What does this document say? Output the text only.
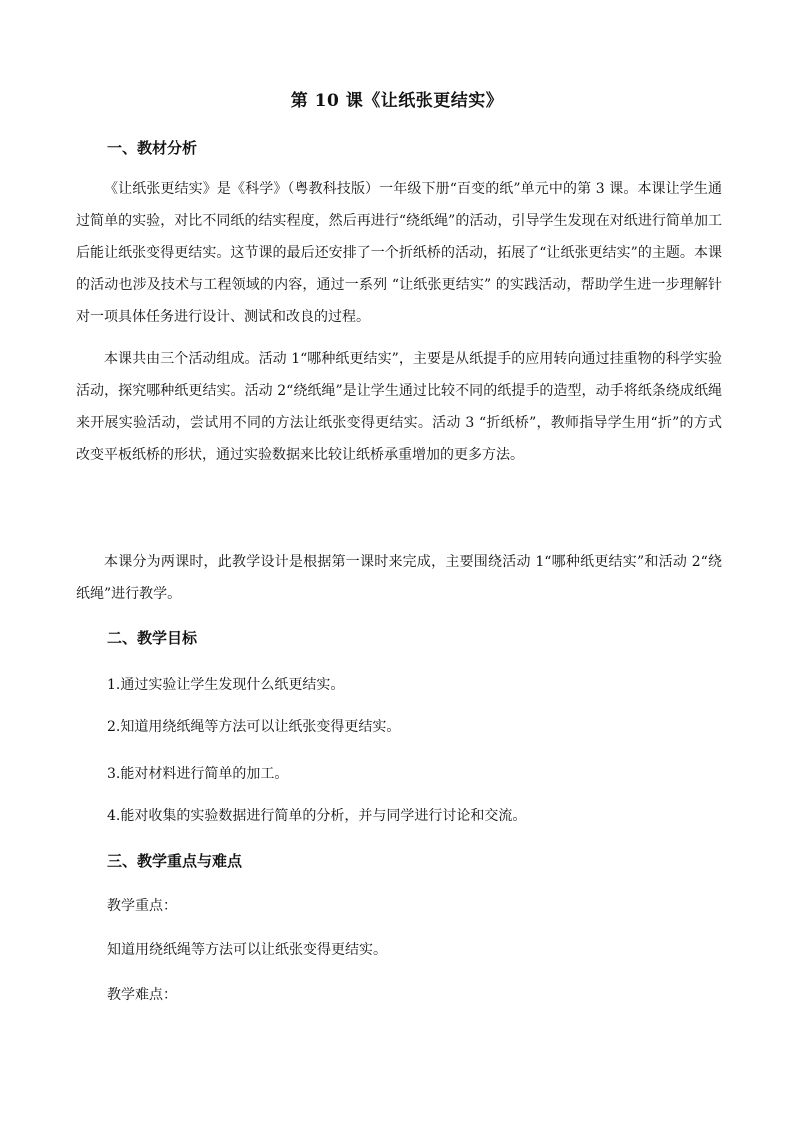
第 10 课《让纸张更结实》
一、教材分析

《让纸张更结实》是《科学》（粤教科技版）一年级下册“百变的纸”单元中的第 3 课。本课让学生通过简单的实验，对比不同纸的结实程度，然后再进行“绕纸绳”的活动，引导学生发现在对纸进行简单加工后能让纸张变得更结实。这节课的最后还安排了一个折纸桥的活动，拓展了“让纸张更结实”的主题。本课的活动也涉及技术与工程领域的内容，通过一系列 “让纸张更结实” 的实践活动，帮助学生进一步理解针对一项具体任务进行设计、测试和改良的过程。

本课共由三个活动组成。活动 1“哪种纸更结实”，主要是从纸提手的应用转向通过挂重物的科学实验活动，探究哪种纸更结实。活动 2“绕纸绳”是让学生通过比较不同的纸提手的造型，动手将纸条绕成纸绳来开展实验活动，尝试用不同的方法让纸张变得更结实。活动 3 “折纸桥”，教师指导学生用“折”的方式改变平板纸桥的形状，通过实验数据来比较让纸桥承重增加的更多方法。

本课分为两课时，此教学设计是根据第一课时来完成，主要围绕活动 1“哪种纸更结实”和活动 2“绕纸绳”进行教学。

二、教学目标
1.通过实验让学生发现什么纸更结实。
2.知道用绕纸绳等方法可以让纸张变得更结实。
3.能对材料进行简单的加工。
4.能对收集的实验数据进行简单的分析，并与同学进行讨论和交流。
三、教学重点与难点
教学重点：
知道用绕纸绳等方法可以让纸张变得更结实。
教学难点：
